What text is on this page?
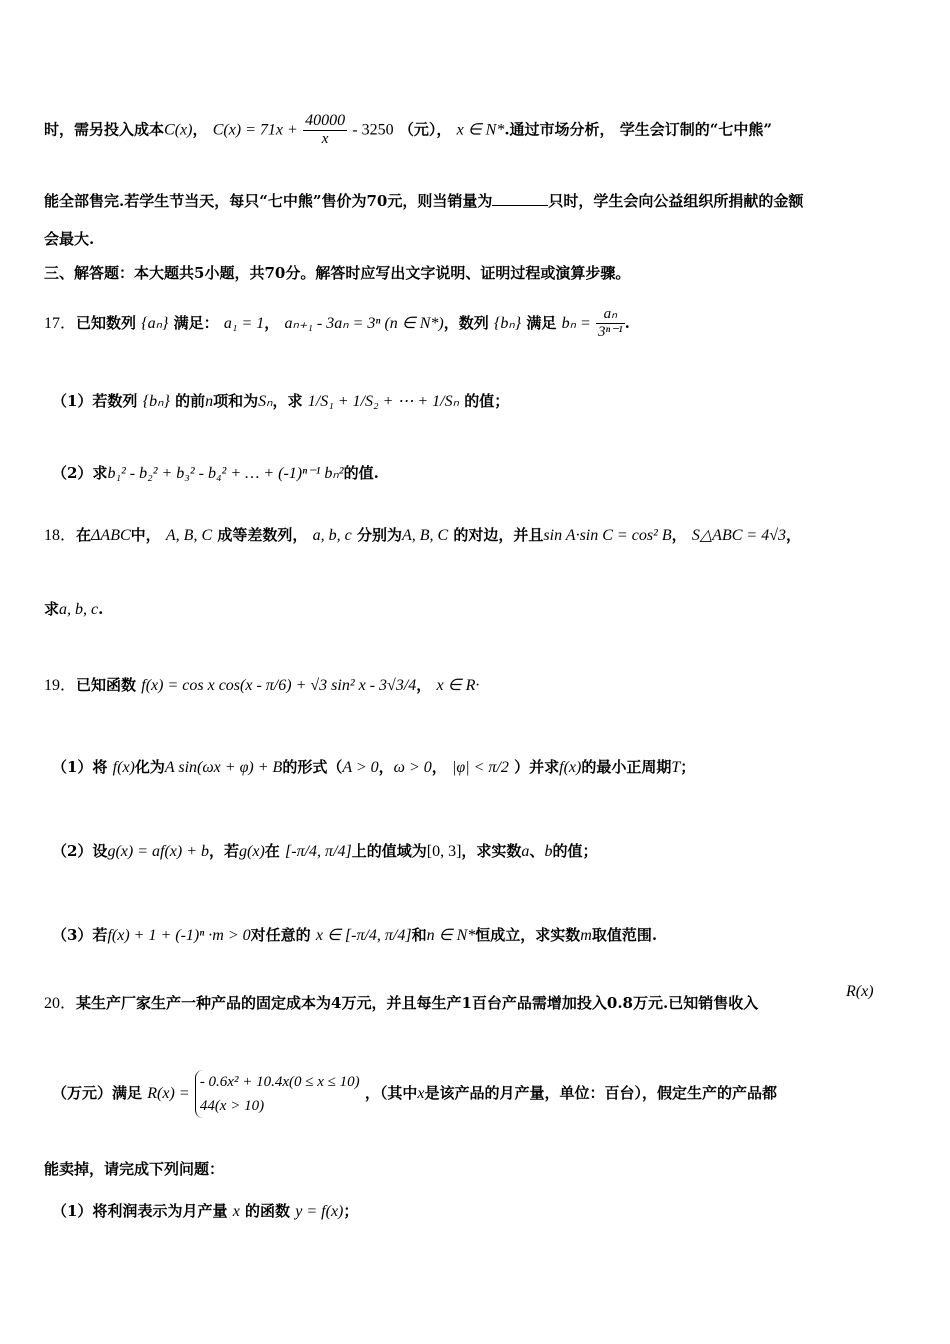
时，需另投入成本C(x)， $C(x) = 71x + \frac{40000}{x} - 3250$ （元）， x ∈ N*.通过市场分析， 学生会订制的“七中熊”
能全部售完.若学生节当天，每只“七中熊”售价为70元，则当销量为	只时，学生会向公益组织所捐献的金额
会最大.
三、解答题：本大题共5小题，共70分。解答时应写出文字说明、证明过程或演算步骤。
17．已知数列 {aₙ} 满足： a₁ = 1， aₙ₊₁ - 3aₙ = 3ⁿ (n ∈ N*)，数列 {bₙ} 满足 $b_n = \frac{\text{aₙ}}{\text{3ⁿ⁻¹}}$ .
（1）若数列 {bₙ} 的前n项和为Sₙ，求 1/S₁ + 1/S₂ + ⋯ + 1/Sₙ 的值；
（2）求b₁² - b₂² + b₃² - b₄² + … + (-1)ⁿ⁻¹ bₙ²的值.
18．在ΔABC中， A, B, C 成等差数列， a, b, c 分别为A, B, C 的对边，并且sin A·sin C = cos² B， S△ABC = 4√3，
求a, b, c.
19．已知函数 f(x) = cos x cos(x - π/6) + √3 sin² x - 3√3/4， x ∈ R·
（1）将 f(x)化为A sin(ωx + φ) + B的形式（A > 0，ω > 0， |φ| < π/2 ）并求f(x)的最小正周期T；
（2）设g(x) = af(x) + b，若g(x)在 [-π/4, π/4]上的值域为[0, 3]，求实数a、b的值；
（3）若f(x) + 1 + (-1)ⁿ ·m > 0对任意的 x ∈ [-π/4, π/4]和n ∈ N*恒成立，求实数m取值范围.
20．某生产厂家生产一种产品的固定成本为4万元，并且每生产1百台产品需增加投入0.8万元.已知销售收入
R(x)
（万元）满足 R(x) =
- 0.6x² + 10.4x(0 ≤ x ≤ 10)
44(x > 10)
，（其中x是该产品的月产量，单位：百台），假定生产的产品都
能卖掉，请完成下列问题：
（1）将利润表示为月产量 x 的函数 y = f(x)；
